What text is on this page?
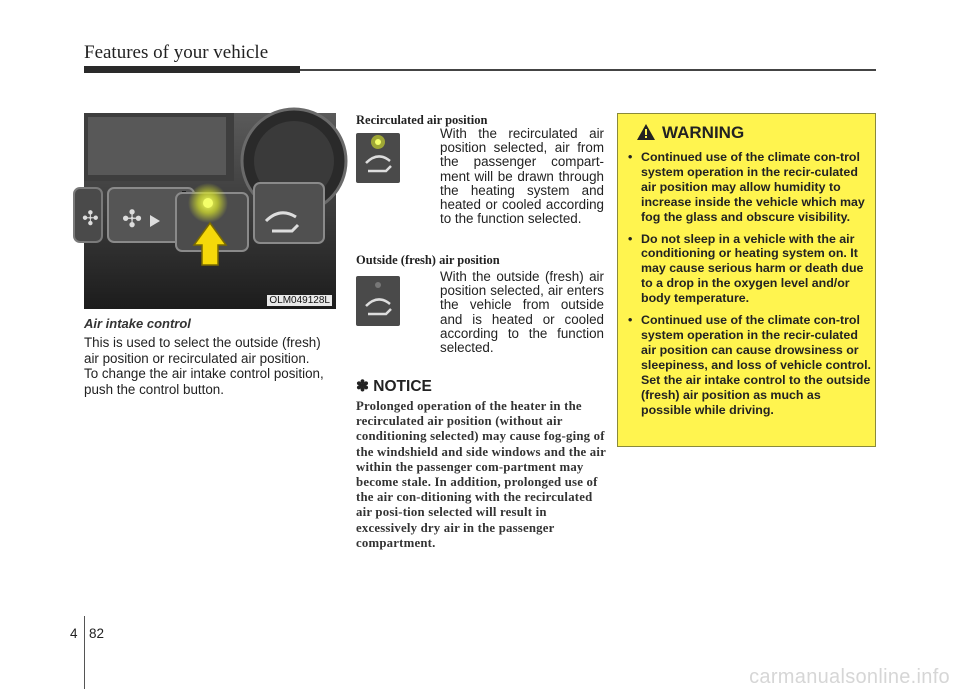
Features of your vehicle
✣ ✣
OLM049128L
Air intake control
This is used to select the outside (fresh) air position or recirculated air position.
To change the air intake control position, push the control button.
Recirculated air position
With the recirculated air position selected, air from the passenger compart-ment will be drawn through the heating system and heated or cooled according to the function selected.
Outside (fresh) air position
With the outside (fresh) air position selected, air enters the vehicle from outside and is heated or cooled according to the function selected.
✽ NOTICE
Prolonged operation of the heater in the recirculated air position (without air conditioning selected) may cause fog-ging of the windshield and side windows and the air within the passenger com-partment may become stale. In addition, prolonged use of the air con-ditioning with the recirculated air posi-tion selected will result in excessively dry air in the passenger compartment.
WARNING
• Continued use of the climate con-trol system operation in the recir-culated air position may allow humidity to increase inside the vehicle which may fog the glass and obscure visibility.
• Do not sleep in a vehicle with the air conditioning or heating system on. It may cause serious harm or death due to a drop in the oxygen level and/or body temperature.
• Continued use of the climate con-trol system operation in the recir-culated air position can cause drowsiness or sleepiness, and loss of vehicle control. Set the air intake control to the outside (fresh) air position as much as possible while driving.
4 82
carmanualsonline.info
